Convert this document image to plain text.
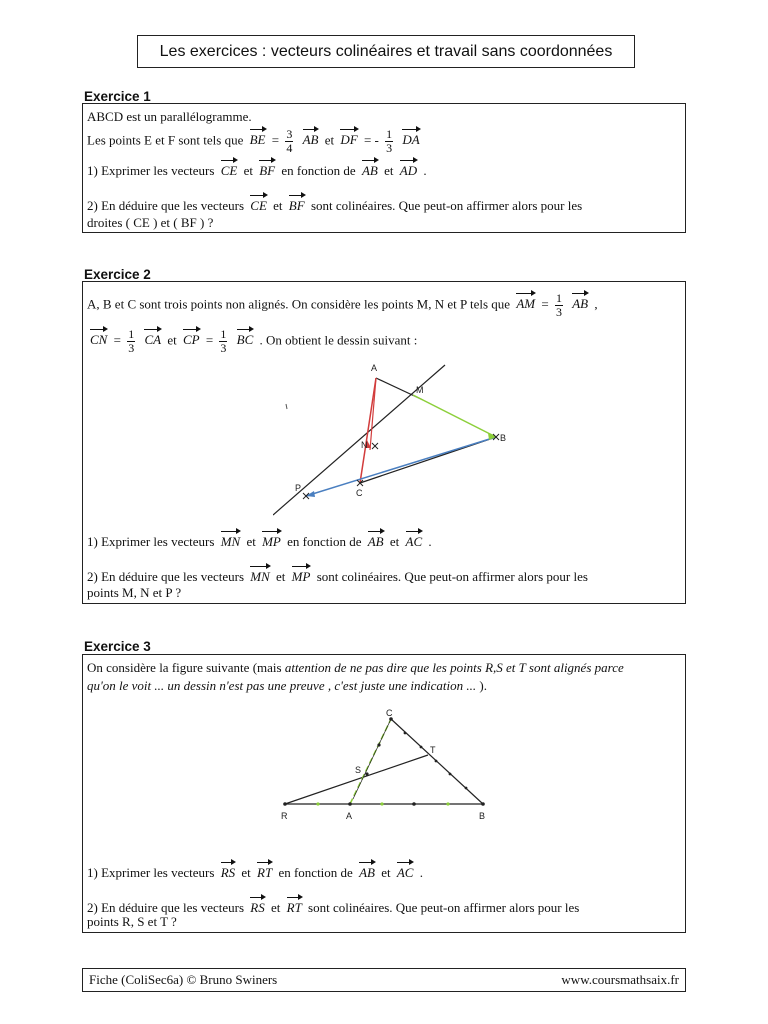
Les exercices : vecteurs colinéaires et travail sans coordonnées
Exercice 1
ABCD est un parallélogramme.
Les points E et F sont tels que BE = $\frac{3}{4}$ AB et DF = - $\frac{1}{3}$ DA
1) Exprimer les vecteurs CE et BF en fonction de AB et AD .
2) En déduire que les vecteurs CE et BF sont colinéaires. Que peut-on affirmer alors pour les
droites ( CE ) et ( BF ) ?
Exercice 2
A, B et C sont trois points non alignés. On considère les points M, N et P tels que AM = $\frac{1}{3}$ AB ,
CN = $\frac{1}{3}$ CA et CP = $\frac{1}{3}$ BC . On obtient le dessin suivant :
A
M
N
B
P	C
1) Exprimer les vecteurs MN et MP en fonction de AB et AC .
2) En déduire que les vecteurs MN et MP sont colinéaires. Que peut-on affirmer alors pour les
points M, N et P ?
Exercice 3
On considère la figure suivante (mais attention de ne pas dire que les points R,S et T sont alignés parce
qu'on le voit ... un dessin n'est pas une preuve , c'est juste une indication ... ).
C
T
S
R	A	B
1) Exprimer les vecteurs RS et RT en fonction de AB et AC .
2) En déduire que les vecteurs RS et RT sont colinéaires. Que peut-on affirmer alors pour les
points R, S et T ?
Fiche (ColiSec6a) © Bruno Swiners	www.coursmathsaix.fr
